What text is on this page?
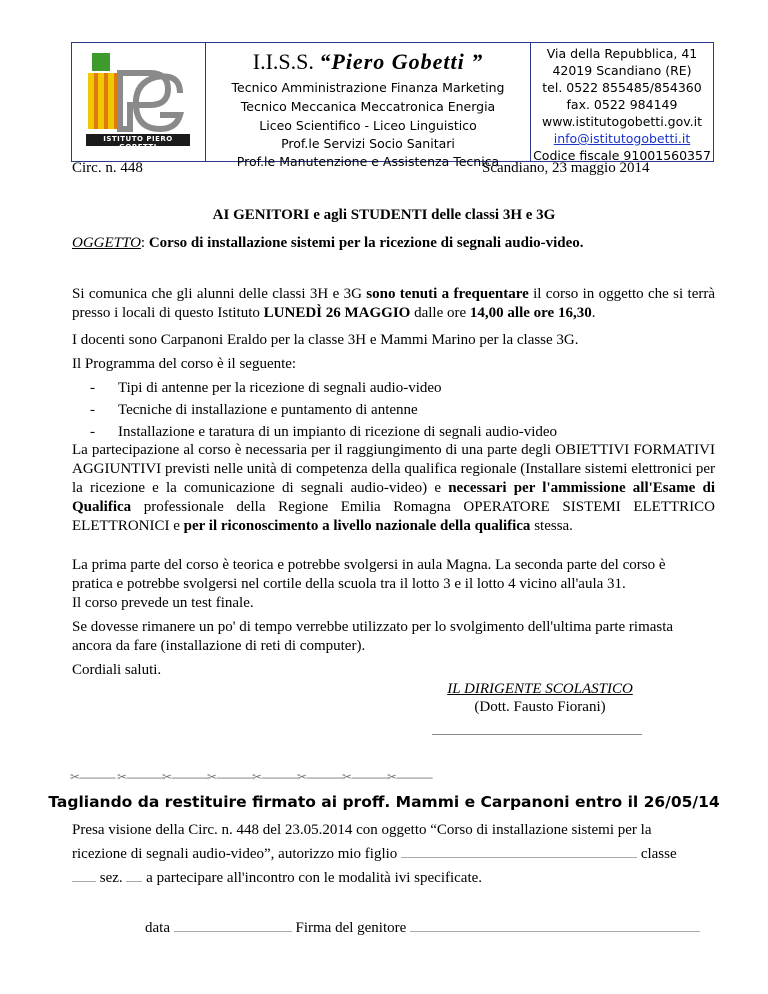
ISTITUTO PIERO GOBETTI
I.I.S.S. “Piero Gobetti ”
Tecnico Amministrazione Finanza Marketing
Tecnico Meccanica Meccatronica Energia
Liceo Scientifico - Liceo Linguistico
Prof.le Servizi Socio Sanitari
Prof.le Manutenzione e Assistenza Tecnica
Via della Repubblica, 41
42019 Scandiano (RE)
tel. 0522 855485/854360
fax. 0522 984149
www.istitutogobetti.gov.it
info@istitutogobetti.it
Codice fiscale 91001560357
Circ. n. 448	Scandiano, 23 maggio 2014
AI GENITORI e agli STUDENTI delle classi 3H e 3G
OGGETTO: Corso di installazione sistemi per la ricezione di segnali audio-video.
Si comunica che gli alunni delle classi 3H e 3G sono tenuti a frequentare il corso in oggetto che si terrà presso i locali di questo Istituto LUNEDÌ 26 MAGGIO dalle ore 14,00 alle ore 16,30.
I docenti sono Carpanoni Eraldo per la classe 3H e Mammi Marino per la classe 3G.
Il Programma del corso è il seguente:
- Tipi di antenne per la ricezione di segnali audio-video
- Tecniche di installazione e puntamento di antenne
- Installazione e taratura di un impianto di ricezione di segnali audio-video
La partecipazione al corso è necessaria per il raggiungimento di una parte degli OBIETTIVI FORMATIVI AGGIUNTIVI previsti nelle unità di competenza della qualifica regionale (Installare sistemi elettronici per la ricezione e la comunicazione di segnali audio-video) e necessari per l'ammissione all'Esame di Qualifica professionale della Regione Emilia Romagna OPERATORE SISTEMI ELETTRICO ELETTRONICI e per il riconoscimento a livello nazionale della qualifica stessa.
La prima parte del corso è teorica e potrebbe svolgersi in aula Magna. La seconda parte del corso è
pratica e potrebbe svolgersi nel cortile della scuola tra il lotto 3 e il lotto 4 vicino all'aula 31.
Il corso prevede un test finale.
Se dovesse rimanere un po' di tempo verrebbe utilizzato per lo svolgimento dell'ultima parte rimasta
ancora da fare (installazione di reti di computer).
Cordiali saluti.
IL DIRIGENTE SCOLASTICO
(Dott. Fausto Fiorani)
✂------------ ✂------------✂------------✂------------✂------------✂------------✂------------✂------------
Tagliando da restituire firmato ai proff. Mammi e Carpanoni entro il 26/05/14
Presa visione della Circ. n. 448 del 23.05.2014 con oggetto “Corso di installazione sistemi per la
ricezione di segnali audio-video”, autorizzo mio figlio	classe
sez. a partecipare all'incontro con le modalità ivi specificate.
data	Firma del genitore
